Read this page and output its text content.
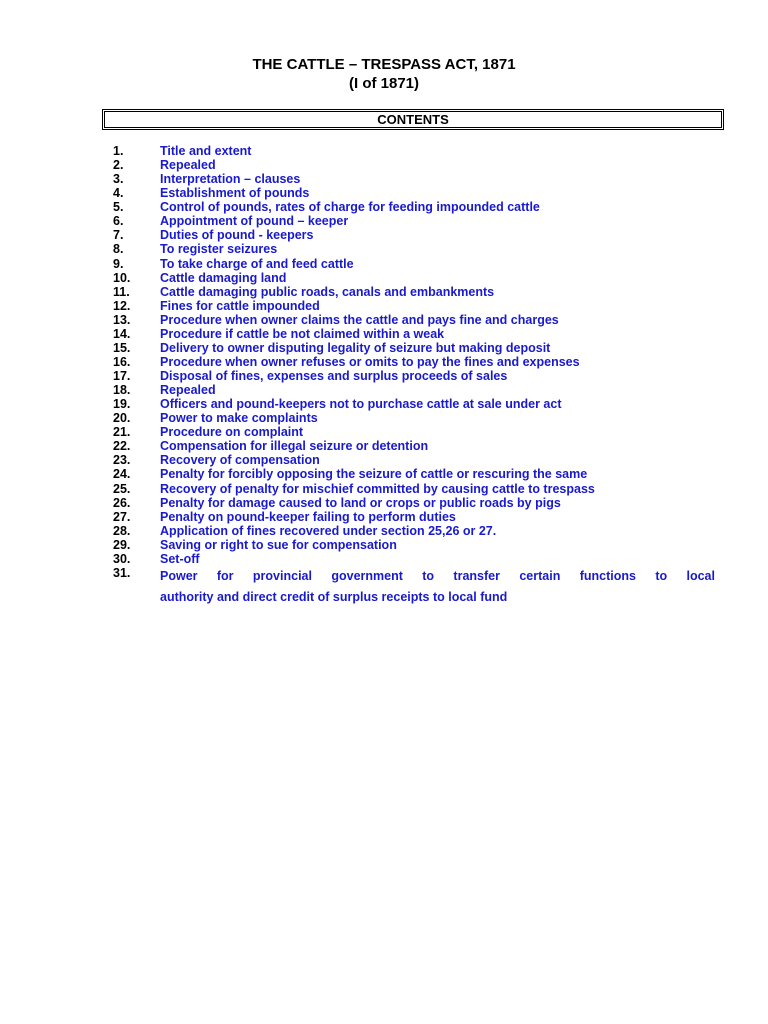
THE CATTLE – TRESPASS ACT, 1871
(I of 1871)
CONTENTS
1.	Title and extent
2.	Repealed
3.	Interpretation – clauses
4.	Establishment of pounds
5.	Control of pounds, rates of charge for feeding impounded cattle
6.	Appointment of pound – keeper
7.	Duties of pound - keepers
8.	To register seizures
9.	To take charge of and feed cattle
10. Cattle damaging land
11. Cattle damaging public roads, canals and embankments
12. Fines for cattle impounded
13. Procedure when owner claims the cattle and pays fine and charges
14. Procedure if cattle be not claimed within a weak
15. Delivery to owner disputing legality of seizure but making deposit
16. Procedure when owner refuses or omits to pay the fines and expenses
17. Disposal of fines, expenses and surplus proceeds of sales
18. Repealed
19. Officers and pound-keepers not to purchase cattle at sale under act
20. Power to make complaints
21. Procedure on complaint
22. Compensation for illegal seizure or detention
23. Recovery of compensation
24. Penalty for forcibly opposing the seizure of cattle or rescuring the same
25. Recovery of penalty for mischief committed by causing cattle to trespass
26. Penalty for damage caused to land or crops or public roads by pigs
27. Penalty on pound-keeper failing to perform duties
28. Application of fines recovered under section 25,26 or 27.
29. Saving or right to sue for compensation
30. Set-off
31. Power for provincial government to transfer certain functions to local
authority and direct credit of surplus receipts to local fund
